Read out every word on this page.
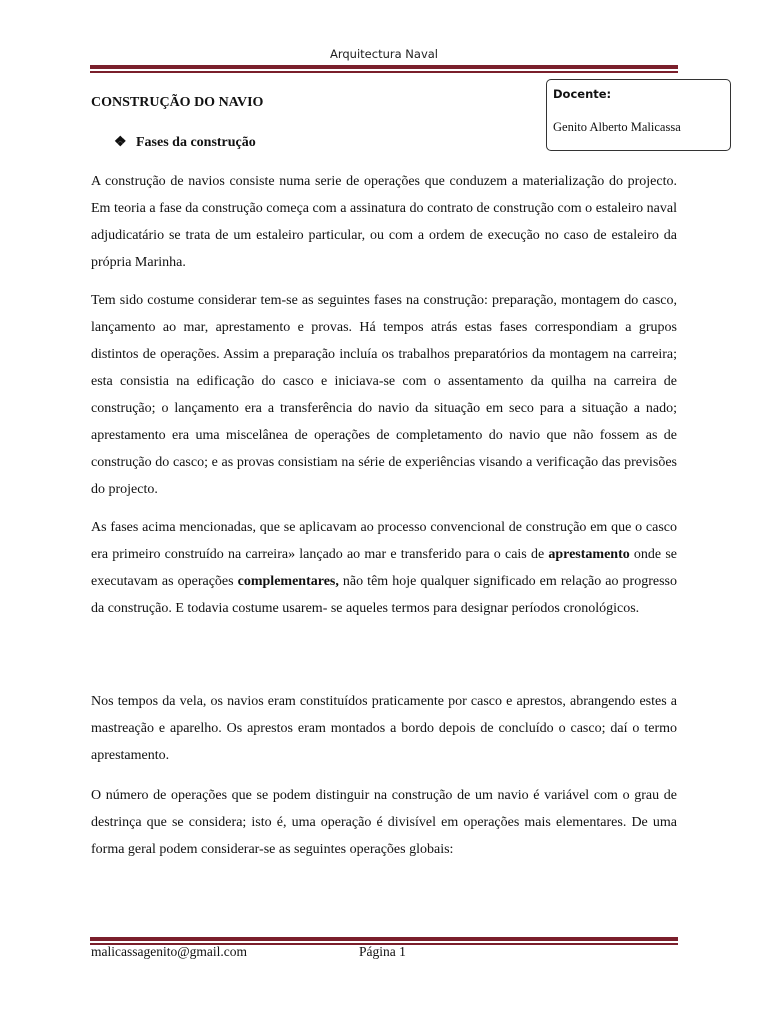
Arquitectura Naval
Docente:
Genito Alberto Malicassa
CONSTRUÇÃO DO NAVIO
❖ Fases da construção

A construção de navios consiste numa serie de operações que conduzem a materialização do projecto. Em teoria a fase da construção começa com a assinatura do contrato de construção com o estaleiro naval adjudicatário se trata de um estaleiro particular, ou com a ordem de execução no caso de estaleiro da própria Marinha.

Tem sido costume considerar tem-se as seguintes fases na construção: preparação, montagem do casco, lançamento ao mar, aprestamento e provas. Há tempos atrás estas fases correspondiam a grupos distintos de operações. Assim a preparação incluía os trabalhos preparatórios da montagem na carreira; esta consistia na edificação do casco e iniciava-se com o assentamento da quilha na carreira de construção; o lançamento era a transferência do navio da situação em seco para a situação a nado; aprestamento era uma miscelânea de operações de completamento do navio que não fossem as de construção do casco; e as provas consistiam na série de experiências visando a verificação das previsões do projecto.

As fases acima mencionadas, que se aplicavam ao processo convencional de construção em que o casco era primeiro construído na carreira» lançado ao mar e transferido para o cais de aprestamento onde se executavam as operações complementares, não têm hoje qualquer significado em relação ao progresso da construção. E todavia costume usarem- se aqueles termos para designar períodos cronológicos.

Nos tempos da vela, os navios eram constituídos praticamente por casco e aprestos, abrangendo estes a mastreação e aparelho. Os aprestos eram montados a bordo depois de concluído o casco; daí o termo aprestamento.

O número de operações que se podem distinguir na construção de um navio é variável com o grau de destrinça que se considera; isto é, uma operação é divisível em operações mais elementares. De uma forma geral podem considerar-se as seguintes operações globais:

malicassagenito@gmail.com	Página 1
